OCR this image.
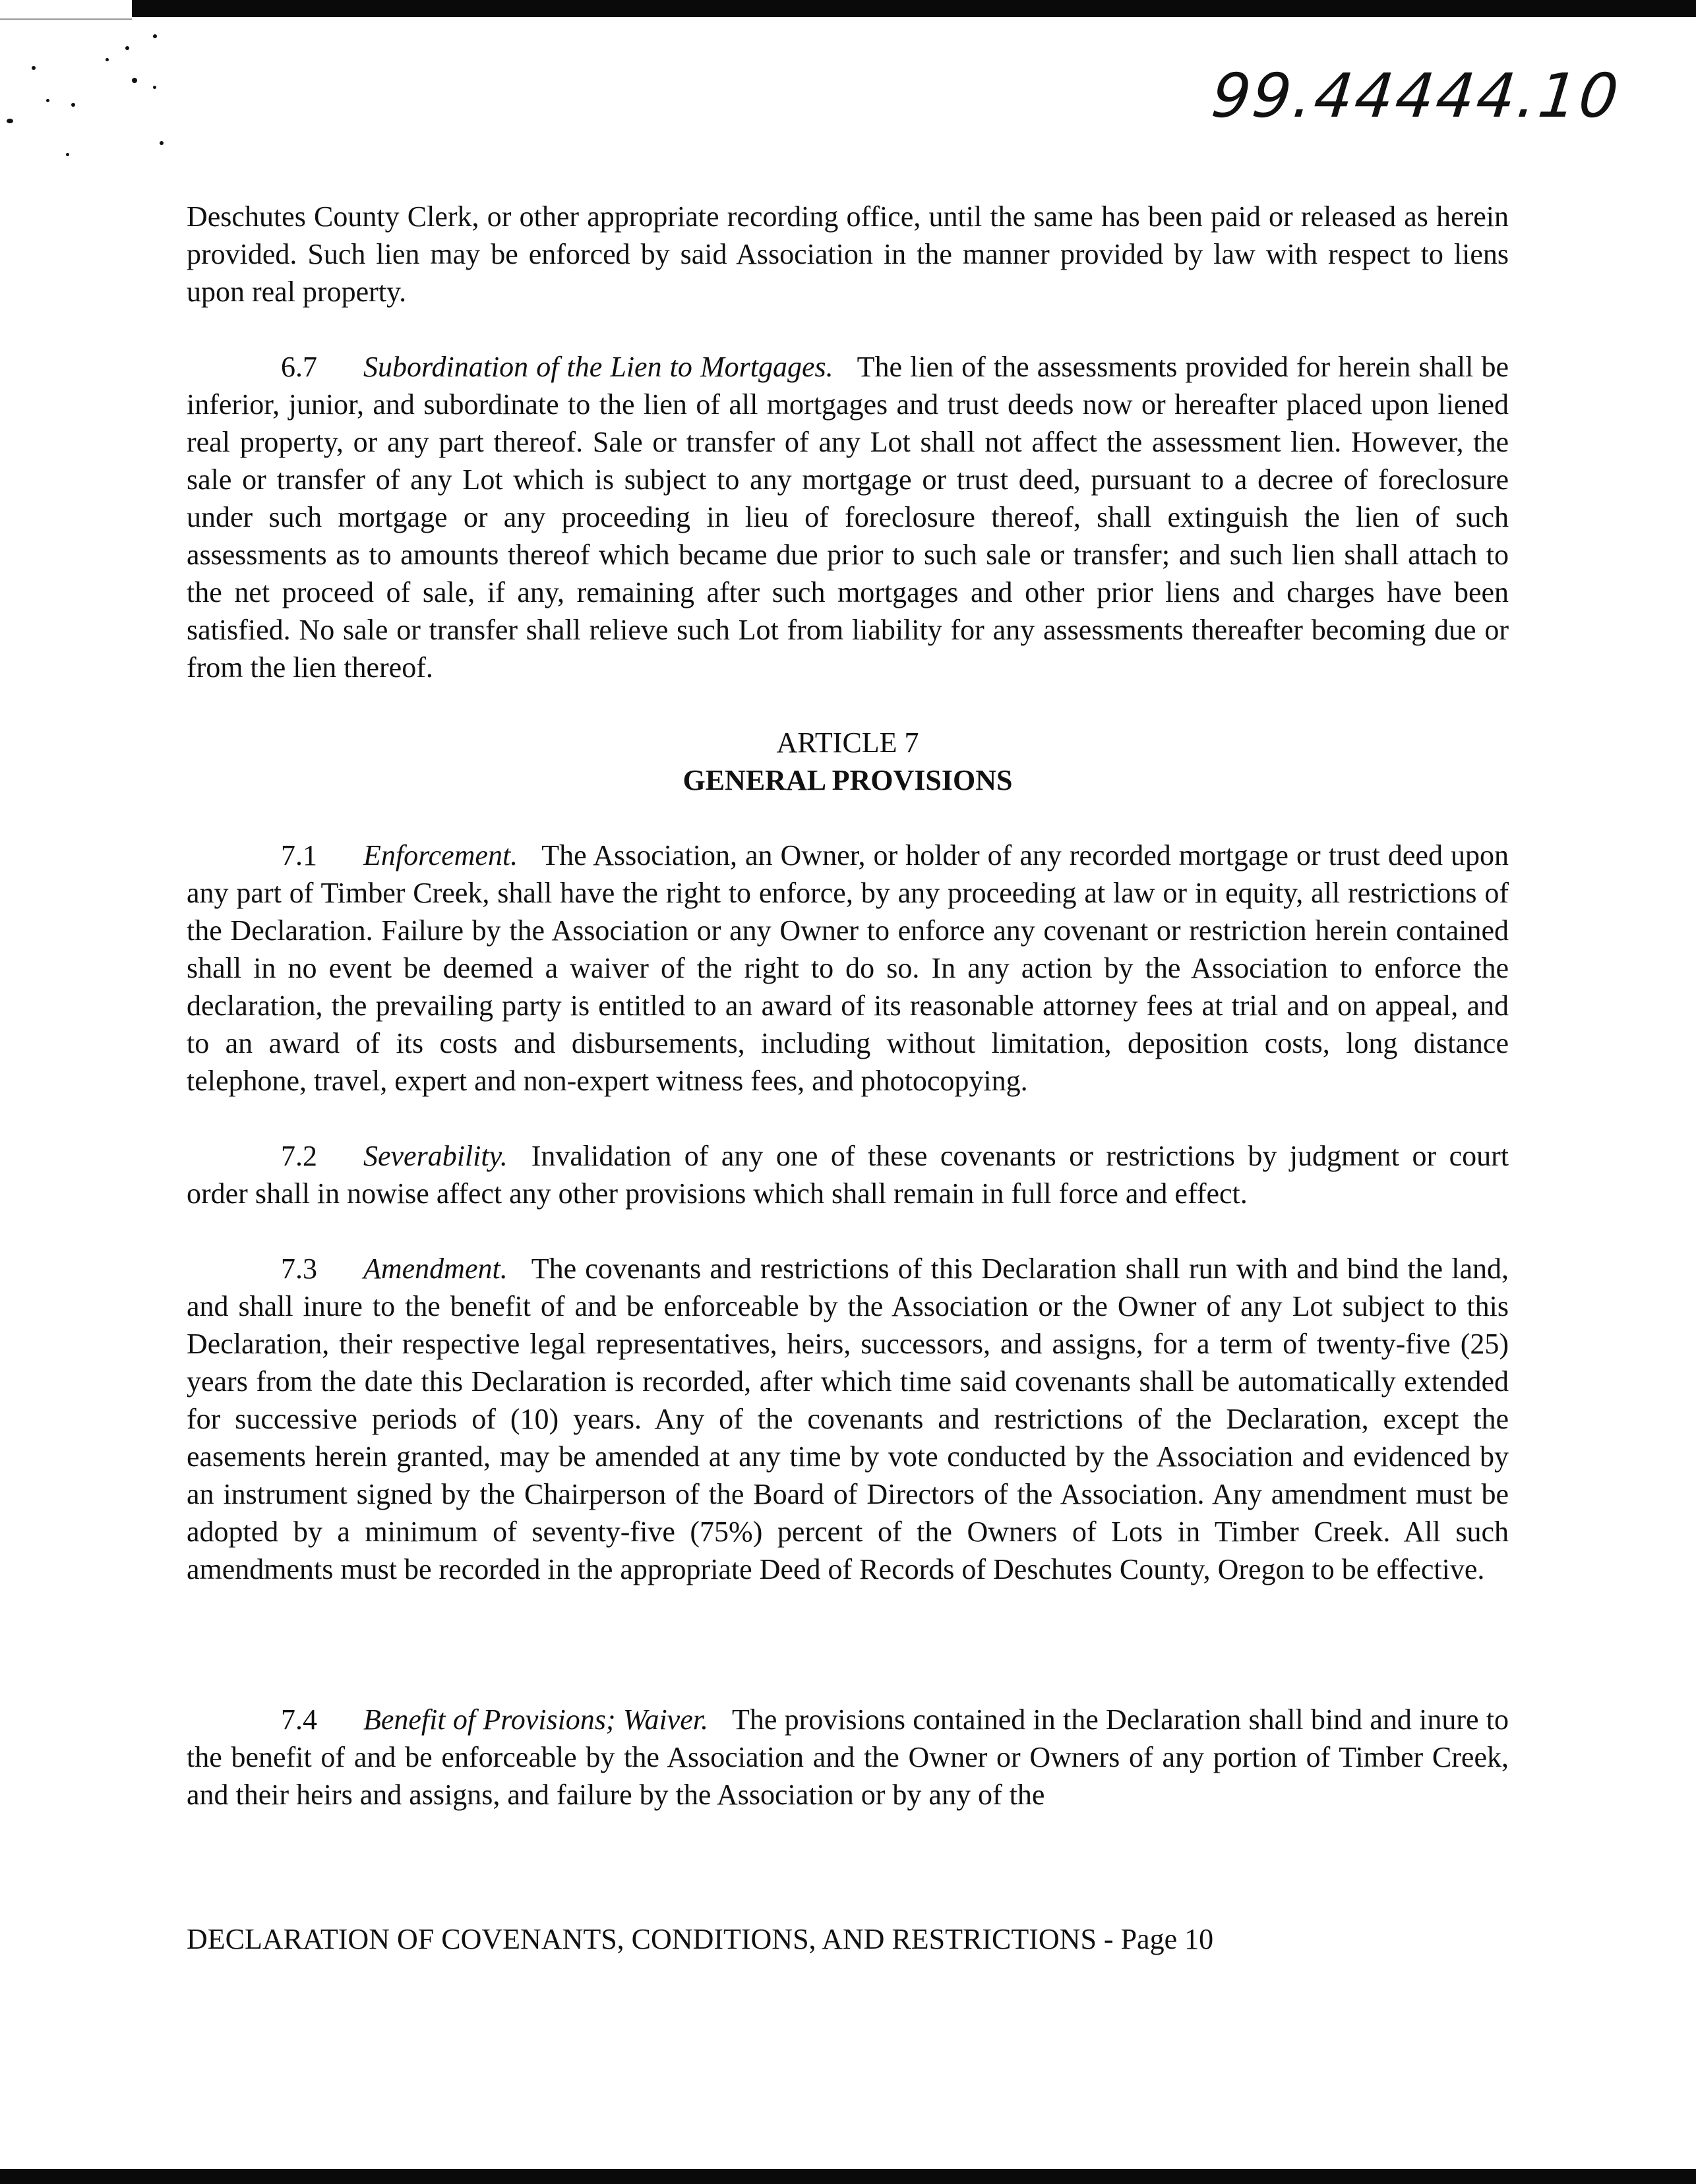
99.44444.10

Deschutes County Clerk, or other appropriate recording office, until the same has been paid or released as herein provided. Such lien may be enforced by said Association in the manner provided by law with respect to liens upon real property.

6.7 Subordination of the Lien to Mortgages. The lien of the assessments provided for herein shall be inferior, junior, and subordinate to the lien of all mortgages and trust deeds now or hereafter placed upon liened real property, or any part thereof. Sale or transfer of any Lot shall not affect the assessment lien. However, the sale or transfer of any Lot which is subject to any mortgage or trust deed, pursuant to a decree of foreclosure under such mortgage or any proceeding in lieu of foreclosure thereof, shall extinguish the lien of such assessments as to amounts thereof which became due prior to such sale or transfer; and such lien shall attach to the net proceed of sale, if any, remaining after such mortgages and other prior liens and charges have been satisfied. No sale or transfer shall relieve such Lot from liability for any assessments thereafter becoming due or from the lien thereof.

ARTICLE 7

GENERAL PROVISIONS

7.1 Enforcement. The Association, an Owner, or holder of any recorded mortgage or trust deed upon any part of Timber Creek, shall have the right to enforce, by any proceeding at law or in equity, all restrictions of the Declaration. Failure by the Association or any Owner to enforce any covenant or restriction herein contained shall in no event be deemed a waiver of the right to do so. In any action by the Association to enforce the declaration, the prevailing party is entitled to an award of its reasonable attorney fees at trial and on appeal, and to an award of its costs and disbursements, including without limitation, deposition costs, long distance telephone, travel, expert and non-expert witness fees, and photocopying.

7.2 Severability. Invalidation of any one of these covenants or restrictions by judgment or court order shall in nowise affect any other provisions which shall remain in full force and effect.

7.3 Amendment. The covenants and restrictions of this Declaration shall run with and bind the land, and shall inure to the benefit of and be enforceable by the Association or the Owner of any Lot subject to this Declaration, their respective legal representatives, heirs, successors, and assigns, for a term of twenty-five (25) years from the date this Declaration is recorded, after which time said covenants shall be automatically extended for successive periods of (10) years. Any of the covenants and restrictions of the Declaration, except the easements herein granted, may be amended at any time by vote conducted by the Association and evidenced by an instrument signed by the Chairperson of the Board of Directors of the Association. Any amendment must be adopted by a minimum of seventy-five (75%) percent of the Owners of Lots in Timber Creek. All such amendments must be recorded in the appropriate Deed of Records of Deschutes County, Oregon to be effective.

7.4 Benefit of Provisions; Waiver. The provisions contained in the Declaration shall bind and inure to the benefit of and be enforceable by the Association and the Owner or Owners of any portion of Timber Creek, and their heirs and assigns, and failure by the Association or by any of the

DECLARATION OF COVENANTS, CONDITIONS, AND RESTRICTIONS - Page 10
